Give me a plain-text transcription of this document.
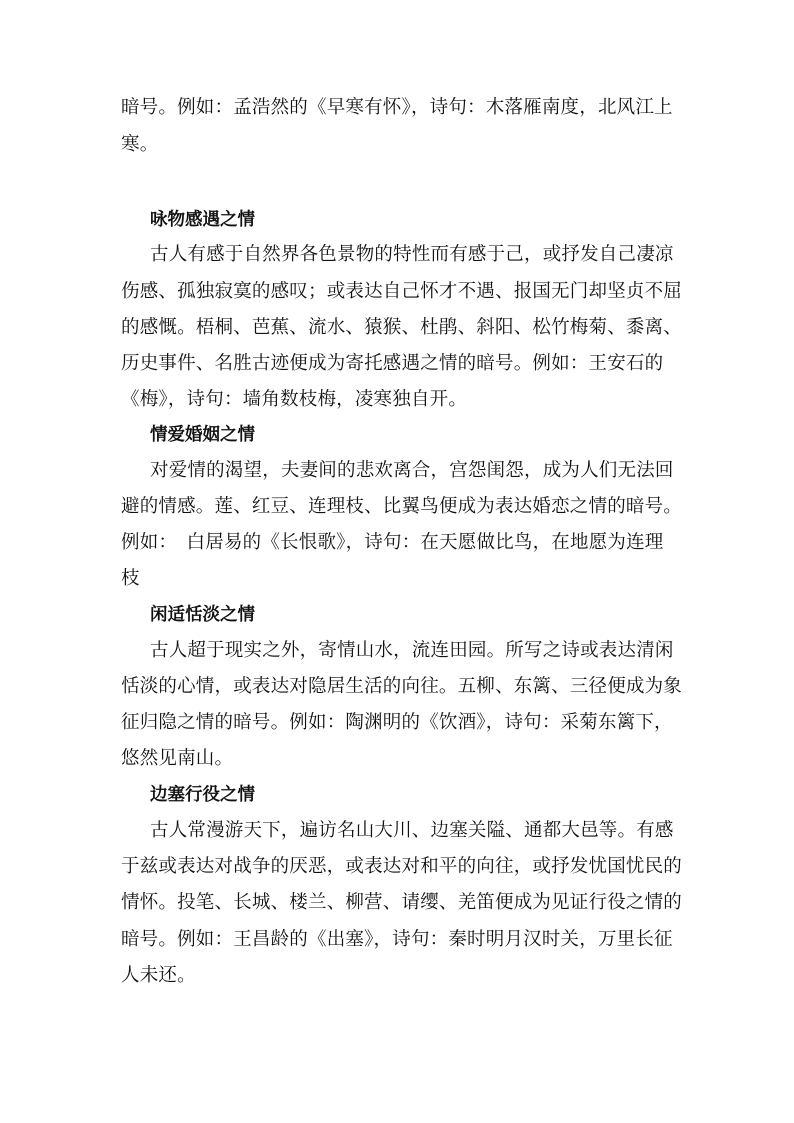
暗号。例如：孟浩然的《早寒有怀》，诗句：木落雁南度，北风江上

寒。

咏物感遇之情

古人有感于自然界各色景物的特性而有感于己，或抒发自己凄凉

伤感、孤独寂寞的感叹；或表达自己怀才不遇、报国无门却坚贞不屈

的感慨。梧桐、芭蕉、流水、猿猴、杜鹃、斜阳、松竹梅菊、黍离、

历史事件、名胜古迹便成为寄托感遇之情的暗号。例如：王安石的

《梅》，诗句：墙角数枝梅，凌寒独自开。

情爱婚姻之情

对爱情的渴望，夫妻间的悲欢离合，宫怨闺怨，成为人们无法回

避的情感。莲、红豆、连理枝、比翼鸟便成为表达婚恋之情的暗号。

例如：　白居易的《长恨歌》，诗句：在天愿做比鸟，在地愿为连理

枝

闲适恬淡之情

古人超于现实之外，寄情山水，流连田园。所写之诗或表达清闲

恬淡的心情，或表达对隐居生活的向往。五柳、东篱、三径便成为象

征归隐之情的暗号。例如：陶渊明的《饮酒》，诗句：采菊东篱下，

悠然见南山。

边塞行役之情

古人常漫游天下，遍访名山大川、边塞关隘、通都大邑等。有感

于兹或表达对战争的厌恶，或表达对和平的向往，或抒发忧国忧民的

情怀。投笔、长城、楼兰、柳营、请缨、羌笛便成为见证行役之情的

暗号。例如：王昌龄的《出塞》，诗句：秦时明月汉时关，万里长征

人未还。
